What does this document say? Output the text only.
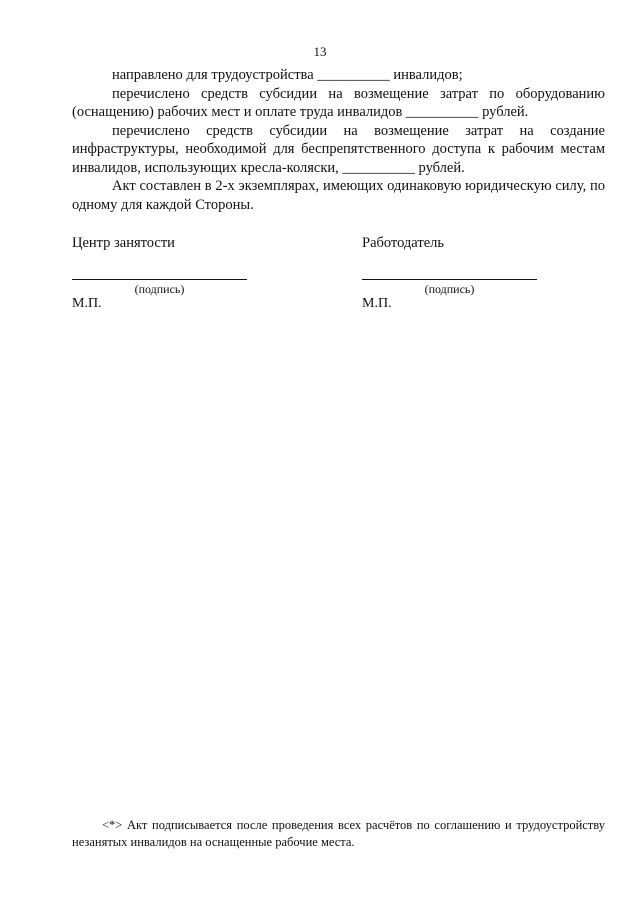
13

направлено для трудоустройства __________ инвалидов;

перечислено средств субсидии на возмещение затрат по оборудованию (оснащению) рабочих мест и оплате труда инвалидов __________ рублей.

перечислено средств субсидии на возмещение затрат на создание инфраструктуры, необходимой для беспрепятственного доступа к рабочим местам инвалидов, использующих кресла-коляски, __________ рублей.

Акт составлен в 2-х экземплярах, имеющих одинаковую юридическую силу, по одному для каждой Стороны.

Центр занятости
(подпись)
М.П.
Работодатель
(подпись)
М.П.

<*> Акт подписывается после проведения всех расчётов по соглашению и трудоустройству незанятых инвалидов на оснащенные рабочие места.
